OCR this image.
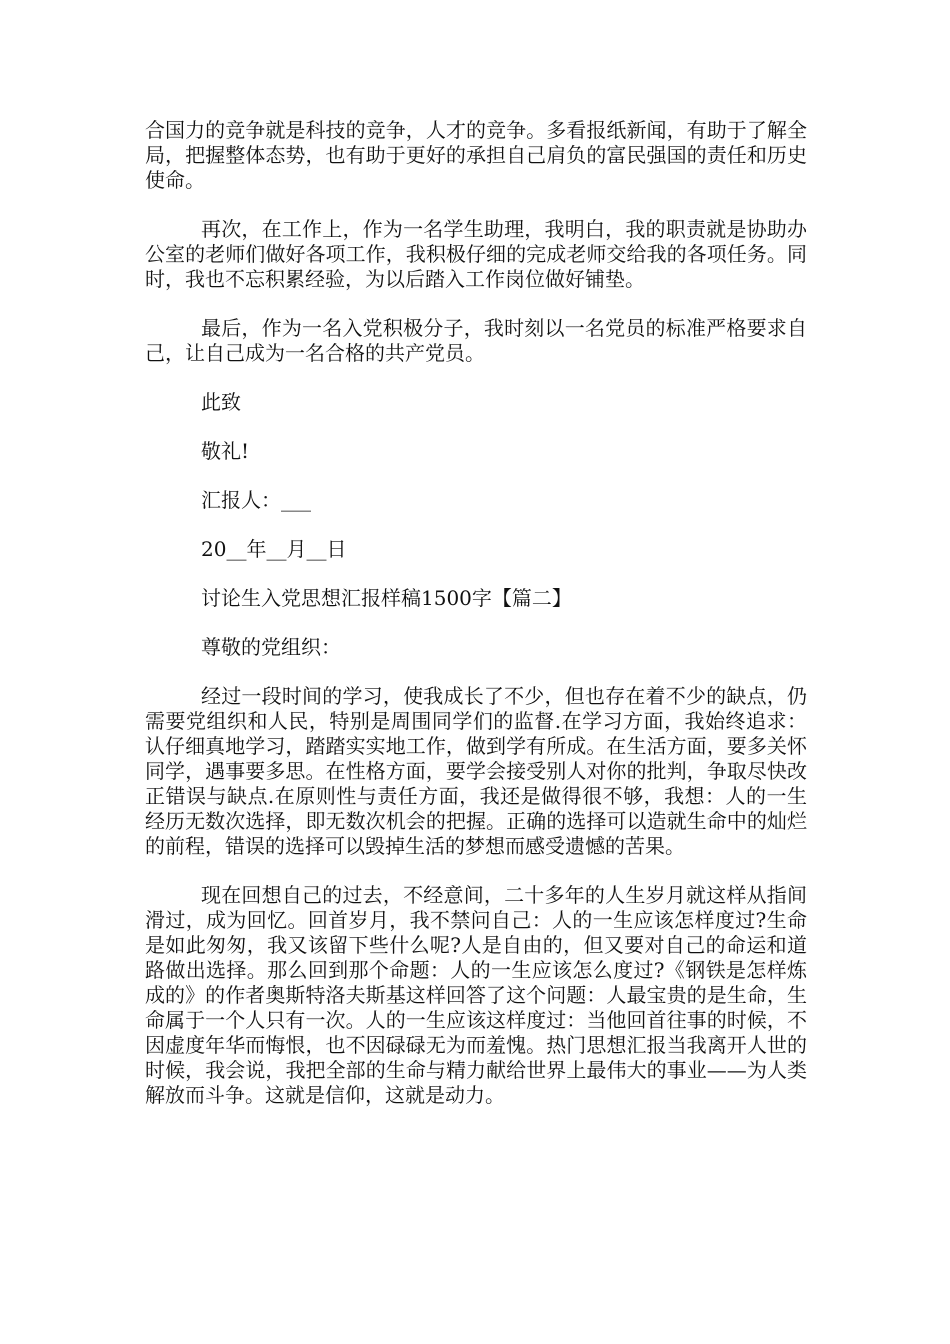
合国力的竞争就是科技的竞争，人才的竞争。多看报纸新闻，有助于了解全局，把握整体态势，也有助于更好的承担自己肩负的富民强国的责任和历史使命。

再次，在工作上，作为一名学生助理，我明白，我的职责就是协助办公室的老师们做好各项工作，我积极仔细的完成老师交给我的各项任务。同时，我也不忘积累经验，为以后踏入工作岗位做好铺垫。

最后，作为一名入党积极分子，我时刻以一名党员的标准严格要求自己，让自己成为一名合格的共产党员。

此致

敬礼!

汇报人：___

20__年__月__日

讨论生入党思想汇报样稿1500字【篇二】

尊敬的党组织：

经过一段时间的学习，使我成长了不少，但也存在着不少的缺点，仍需要党组织和人民，特别是周围同学们的监督.在学习方面，我始终追求：认仔细真地学习，踏踏实实地工作，做到学有所成。在生活方面，要多关怀同学，遇事要多思。在性格方面，要学会接受别人对你的批判，争取尽快改正错误与缺点.在原则性与责任方面，我还是做得很不够，我想：人的一生经历无数次选择，即无数次机会的把握。正确的选择可以造就生命中的灿烂的前程，错误的选择可以毁掉生活的梦想而感受遗憾的苦果。

现在回想自己的过去，不经意间，二十多年的人生岁月就这样从指间滑过，成为回忆。回首岁月，我不禁问自己：人的一生应该怎样度过?生命是如此匆匆，我又该留下些什么呢?人是自由的，但又要对自己的命运和道路做出选择。那么回到那个命题：人的一生应该怎么度过?《钢铁是怎样炼成的》的作者奥斯特洛夫斯基这样回答了这个问题：人最宝贵的是生命，生命属于一个人只有一次。人的一生应该这样度过：当他回首往事的时候，不因虚度年华而悔恨，也不因碌碌无为而羞愧。热门思想汇报当我离开人世的时候，我会说，我把全部的生命与精力献给世界上最伟大的事业——为人类解放而斗争。这就是信仰，这就是动力。
